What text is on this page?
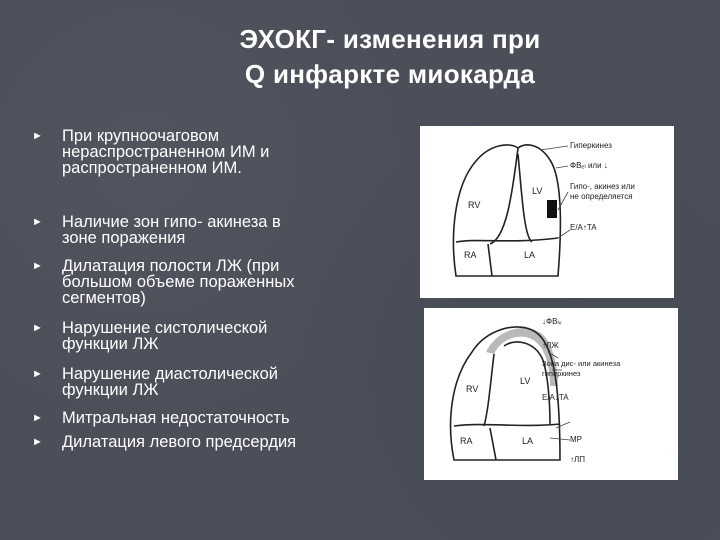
ЭХОКГ- изменения при
Q инфаркте миокарда
►	При крупноочаговом
нераспространенном ИМ и
распространенном ИМ.
►	Наличие зон гипо- акинеза в
зоне поражения
►	Дилатация полости ЛЖ (при
большом объеме пораженных
сегментов)
►	Нарушение систолической
функции ЛЖ
►	Нарушение диастолической
функции ЛЖ
►	Митральная недостаточность
►	Дилатация левого предсердия
RV
LV
RA	LA
Гиперкинез
ФВₑₗ или ↓
Гипо-, акинез или
не определяется
E/A↑TA
RV
LV
RA	LA
↓ФВₗᵥ
↑ЛЖ
Зона дис- или акинеза
гиперкинез
E/A↓TA
MP
↑ЛП
